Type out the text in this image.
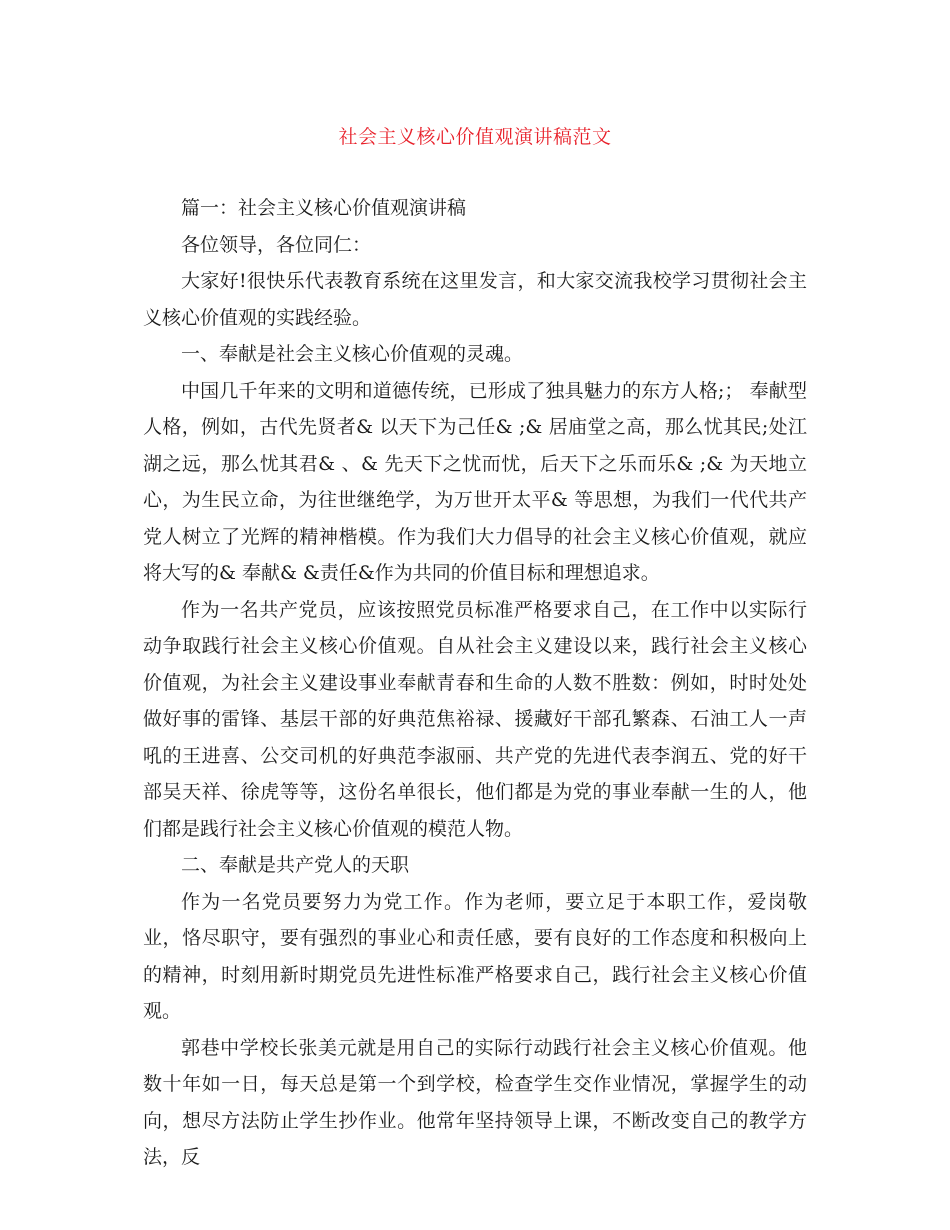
社会主义核心价值观演讲稿范文

篇一：社会主义核心价值观演讲稿

各位领导，各位同仁：

大家好!很快乐代表教育系统在这里发言，和大家交流我校学习贯彻社会主义核心价值观的实践经验。

一、奉献是社会主义核心价值观的灵魂。

中国几千年来的文明和道德传统，已形成了独具魅力的东方人格;； 奉献型人格，例如，古代先贤者& 以天下为己任& ;& 居庙堂之高，那么忧其民;处江湖之远，那么忧其君& 、& 先天下之忧而忧，后天下之乐而乐& ;& 为天地立心，为生民立命，为往世继绝学，为万世开太平& 等思想，为我们一代代共产党人树立了光辉的精神楷模。作为我们大力倡导的社会主义核心价值观，就应将大写的& 奉献& &责任&作为共同的价值目标和理想追求。

作为一名共产党员，应该按照党员标准严格要求自己，在工作中以实际行动争取践行社会主义核心价值观。自从社会主义建设以来，践行社会主义核心价值观，为社会主义建设事业奉献青春和生命的人数不胜数：例如，时时处处做好事的雷锋、基层干部的好典范焦裕禄、援藏好干部孔繁森、石油工人一声吼的王进喜、公交司机的好典范李淑丽、共产党的先进代表李润五、党的好干部吴天祥、徐虎等等，这份名单很长，他们都是为党的事业奉献一生的人，他们都是践行社会主义核心价值观的模范人物。

二、奉献是共产党人的天职

作为一名党员要努力为党工作。作为老师，要立足于本职工作，爱岗敬业，恪尽职守，要有强烈的事业心和责任感，要有良好的工作态度和积极向上的精神，时刻用新时期党员先进性标准严格要求自己，践行社会主义核心价值观。

郭巷中学校长张美元就是用自己的实际行动践行社会主义核心价值观。他数十年如一日，每天总是第一个到学校，检查学生交作业情况，掌握学生的动向，想尽方法防止学生抄作业。他常年坚持领导上课，不断改变自己的教学方法，反
